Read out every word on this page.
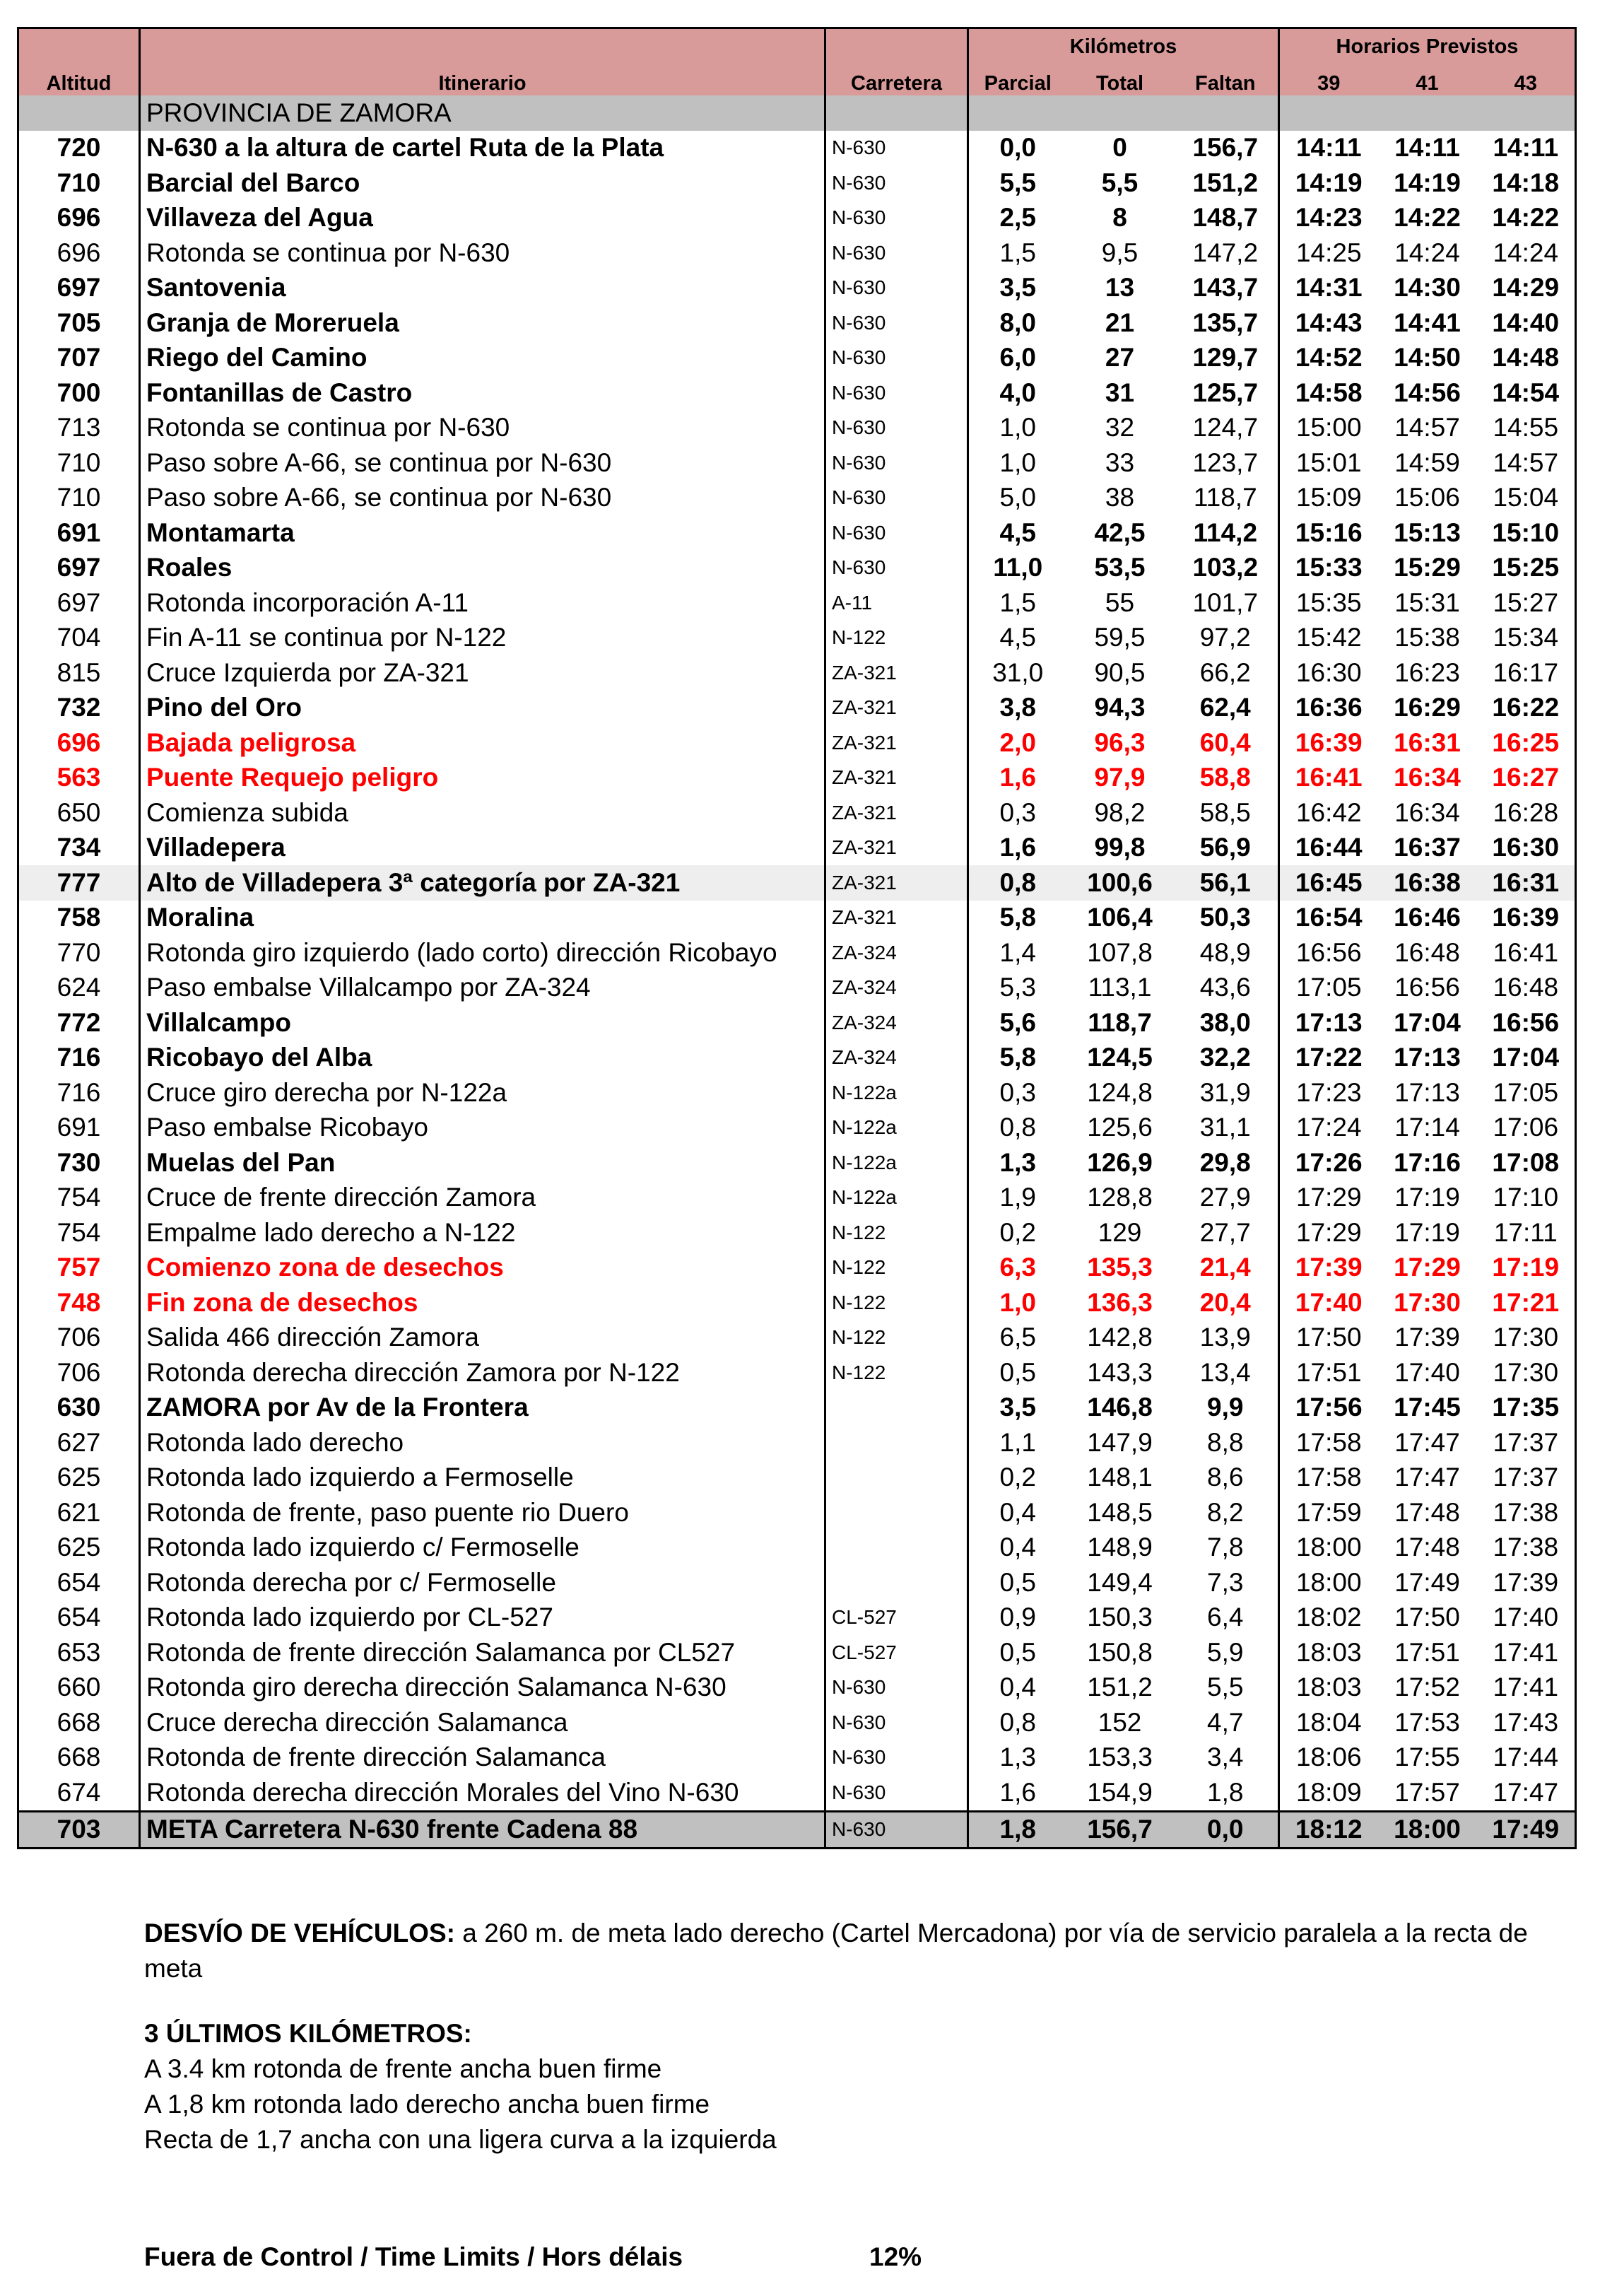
			Kilómetros			Horarios Previstos		
Altitud	Itinerario	Carretera	Parcial	Total	Faltan	39	41	43
	PROVINCIA DE ZAMORA							
720	N-630 a la altura de cartel Ruta de la Plata	N-630	0,0	0	156,7	14:11	14:11	14:11
710	Barcial del Barco	N-630	5,5	5,5	151,2	14:19	14:19	14:18
696	Villaveza del Agua	N-630	2,5	8	148,7	14:23	14:22	14:22
696	Rotonda se continua por N-630	N-630	1,5	9,5	147,2	14:25	14:24	14:24
697	Santovenia	N-630	3,5	13	143,7	14:31	14:30	14:29
705	Granja de Moreruela	N-630	8,0	21	135,7	14:43	14:41	14:40
707	Riego del Camino	N-630	6,0	27	129,7	14:52	14:50	14:48
700	Fontanillas de Castro	N-630	4,0	31	125,7	14:58	14:56	14:54
713	Rotonda se continua por N-630	N-630	1,0	32	124,7	15:00	14:57	14:55
710	Paso sobre A-66, se continua por N-630	N-630	1,0	33	123,7	15:01	14:59	14:57
710	Paso sobre A-66, se continua por N-630	N-630	5,0	38	118,7	15:09	15:06	15:04
691	Montamarta	N-630	4,5	42,5	114,2	15:16	15:13	15:10
697	Roales	N-630	11,0	53,5	103,2	15:33	15:29	15:25
697	Rotonda incorporación A-11	A-11	1,5	55	101,7	15:35	15:31	15:27
704	Fin A-11 se continua por N-122	N-122	4,5	59,5	97,2	15:42	15:38	15:34
815	Cruce Izquierda por ZA-321	ZA-321	31,0	90,5	66,2	16:30	16:23	16:17
732	Pino del Oro	ZA-321	3,8	94,3	62,4	16:36	16:29	16:22
696	Bajada peligrosa	ZA-321	2,0	96,3	60,4	16:39	16:31	16:25
563	Puente Requejo peligro	ZA-321	1,6	97,9	58,8	16:41	16:34	16:27
650	Comienza subida	ZA-321	0,3	98,2	58,5	16:42	16:34	16:28
734	Villadepera	ZA-321	1,6	99,8	56,9	16:44	16:37	16:30
777	Alto de Villadepera 3ª categoría por ZA-321	ZA-321	0,8	100,6	56,1	16:45	16:38	16:31
758	Moralina	ZA-321	5,8	106,4	50,3	16:54	16:46	16:39
770	Rotonda giro izquierdo (lado corto) dirección Ricobayo	ZA-324	1,4	107,8	48,9	16:56	16:48	16:41
624	Paso embalse Villalcampo por ZA-324	ZA-324	5,3	113,1	43,6	17:05	16:56	16:48
772	Villalcampo	ZA-324	5,6	118,7	38,0	17:13	17:04	16:56
716	Ricobayo del Alba	ZA-324	5,8	124,5	32,2	17:22	17:13	17:04
716	Cruce giro derecha por N-122a	N-122a	0,3	124,8	31,9	17:23	17:13	17:05
691	Paso embalse Ricobayo	N-122a	0,8	125,6	31,1	17:24	17:14	17:06
730	Muelas del Pan	N-122a	1,3	126,9	29,8	17:26	17:16	17:08
754	Cruce de frente dirección Zamora	N-122a	1,9	128,8	27,9	17:29	17:19	17:10
754	Empalme lado derecho a N-122	N-122	0,2	129	27,7	17:29	17:19	17:11
757	Comienzo zona de desechos	N-122	6,3	135,3	21,4	17:39	17:29	17:19
748	Fin zona de desechos	N-122	1,0	136,3	20,4	17:40	17:30	17:21
706	Salida 466 dirección Zamora	N-122	6,5	142,8	13,9	17:50	17:39	17:30
706	Rotonda derecha dirección Zamora por N-122	N-122	0,5	143,3	13,4	17:51	17:40	17:30
630	ZAMORA por Av de la Frontera		3,5	146,8	9,9	17:56	17:45	17:35
627	Rotonda lado derecho		1,1	147,9	8,8	17:58	17:47	17:37
625	Rotonda lado izquierdo a Fermoselle		0,2	148,1	8,6	17:58	17:47	17:37
621	Rotonda de frente, paso puente rio Duero		0,4	148,5	8,2	17:59	17:48	17:38
625	Rotonda lado izquierdo c/ Fermoselle		0,4	148,9	7,8	18:00	17:48	17:38
654	Rotonda derecha por c/ Fermoselle		0,5	149,4	7,3	18:00	17:49	17:39
654	Rotonda lado izquierdo por CL-527	CL-527	0,9	150,3	6,4	18:02	17:50	17:40
653	Rotonda de frente dirección Salamanca por CL527	CL-527	0,5	150,8	5,9	18:03	17:51	17:41
660	Rotonda giro derecha dirección Salamanca N-630	N-630	0,4	151,2	5,5	18:03	17:52	17:41
668	Cruce derecha dirección Salamanca	N-630	0,8	152	4,7	18:04	17:53	17:43
668	Rotonda de frente dirección Salamanca	N-630	1,3	153,3	3,4	18:06	17:55	17:44
674	Rotonda derecha dirección Morales del Vino N-630	N-630	1,6	154,9	1,8	18:09	17:57	17:47
703	META Carretera N-630 frente Cadena 88	N-630	1,8	156,7	0,0	18:12	18:00	17:49
DESVÍO DE VEHÍCULOS: a 260 m. de meta lado derecho (Cartel Mercadona) por vía de servicio paralela a la recta de meta
3 ÚLTIMOS KILÓMETROS:
A 3.4 km rotonda de frente ancha buen firme
A 1,8 km rotonda lado derecho ancha buen firme
Recta de 1,7 ancha con una ligera curva a la izquierda
Fuera de Control / Time Limits / Hors délais	12%
